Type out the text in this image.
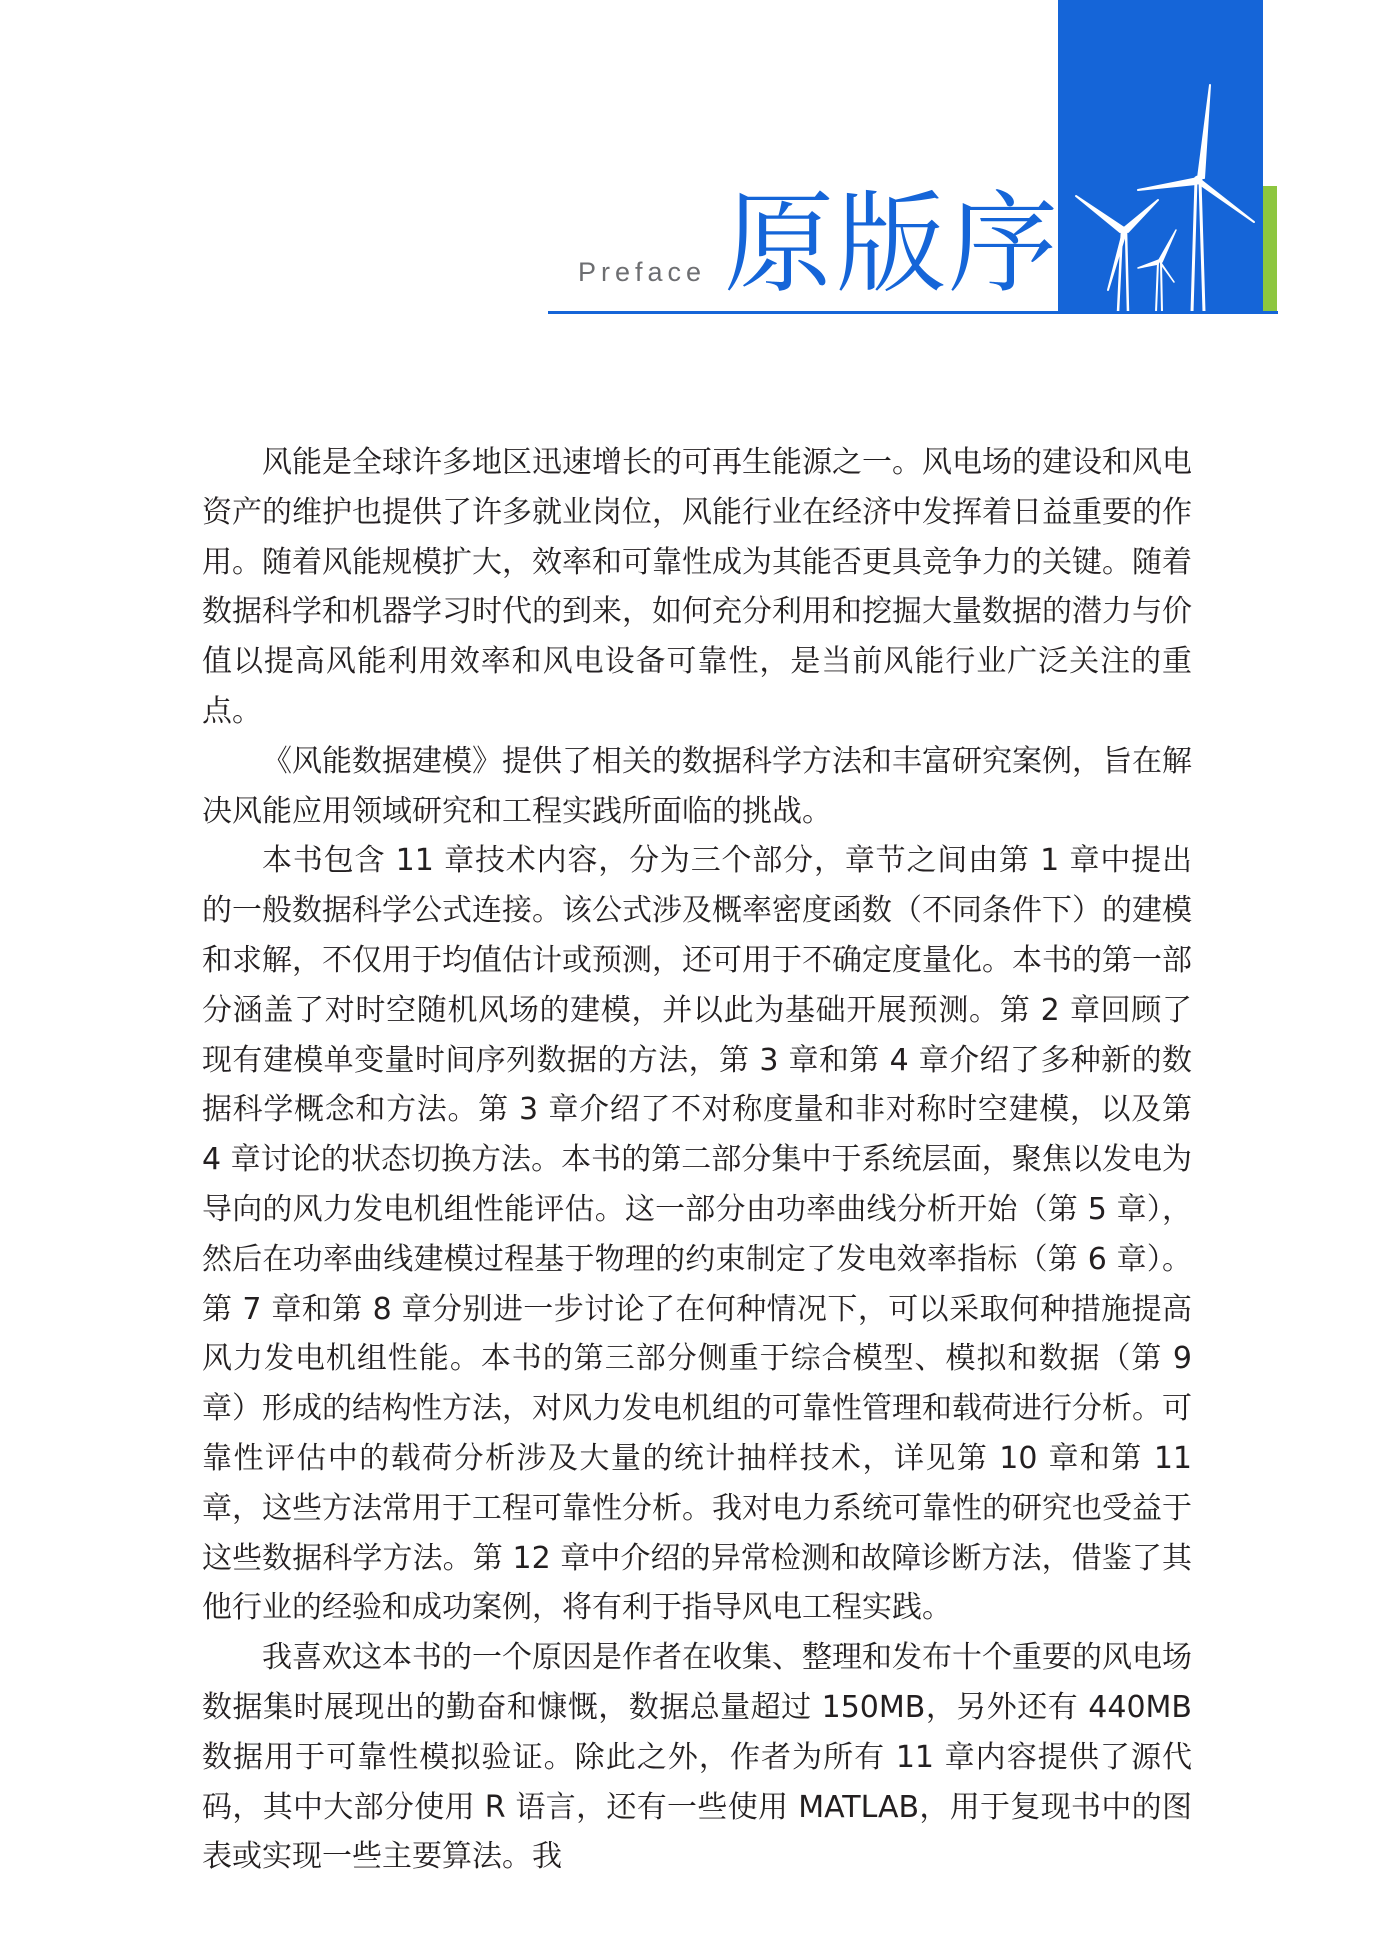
Preface 原版序

风能是全球许多地区迅速增长的可再生能源之一。风电场的建设和风电资产的维护也提供了许多就业岗位，风能行业在经济中发挥着日益重要的作用。随着风能规模扩大，效率和可靠性成为其能否更具竞争力的关键。随着数据科学和机器学习时代的到来，如何充分利用和挖掘大量数据的潜力与价值以提高风能利用效率和风电设备可靠性，是当前风能行业广泛关注的重点。

《风能数据建模》提供了相关的数据科学方法和丰富研究案例，旨在解决风能应用领域研究和工程实践所面临的挑战。

本书包含 11 章技术内容，分为三个部分，章节之间由第 1 章中提出的一般数据科学公式连接。该公式涉及概率密度函数（不同条件下）的建模和求解，不仅用于均值估计或预测，还可用于不确定度量化。本书的第一部分涵盖了对时空随机风场的建模，并以此为基础开展预测。第 2 章回顾了现有建模单变量时间序列数据的方法，第 3 章和第 4 章介绍了多种新的数据科学概念和方法。第 3 章介绍了不对称度量和非对称时空建模，以及第 4 章讨论的状态切换方法。本书的第二部分集中于系统层面，聚焦以发电为导向的风力发电机组性能评估。这一部分由功率曲线分析开始（第 5 章），然后在功率曲线建模过程基于物理的约束制定了发电效率指标（第 6 章）。第 7 章和第 8 章分别进一步讨论了在何种情况下，可以采取何种措施提高风力发电机组性能。本书的第三部分侧重于综合模型、模拟和数据（第 9 章）形成的结构性方法，对风力发电机组的可靠性管理和载荷进行分析。可靠性评估中的载荷分析涉及大量的统计抽样技术，详见第 10 章和第 11 章，这些方法常用于工程可靠性分析。我对电力系统可靠性的研究也受益于这些数据科学方法。第 12 章中介绍的异常检测和故障诊断方法，借鉴了其他行业的经验和成功案例，将有利于指导风电工程实践。

我喜欢这本书的一个原因是作者在收集、整理和发布十个重要的风电场数据集时展现出的勤奋和慷慨，数据总量超过 150MB，另外还有 440MB 数据用于可靠性模拟验证。除此之外，作者为所有 11 章内容提供了源代码，其中大部分使用 R 语言，还有一些使用 MATLAB，用于复现书中的图表或实现一些主要算法。我
